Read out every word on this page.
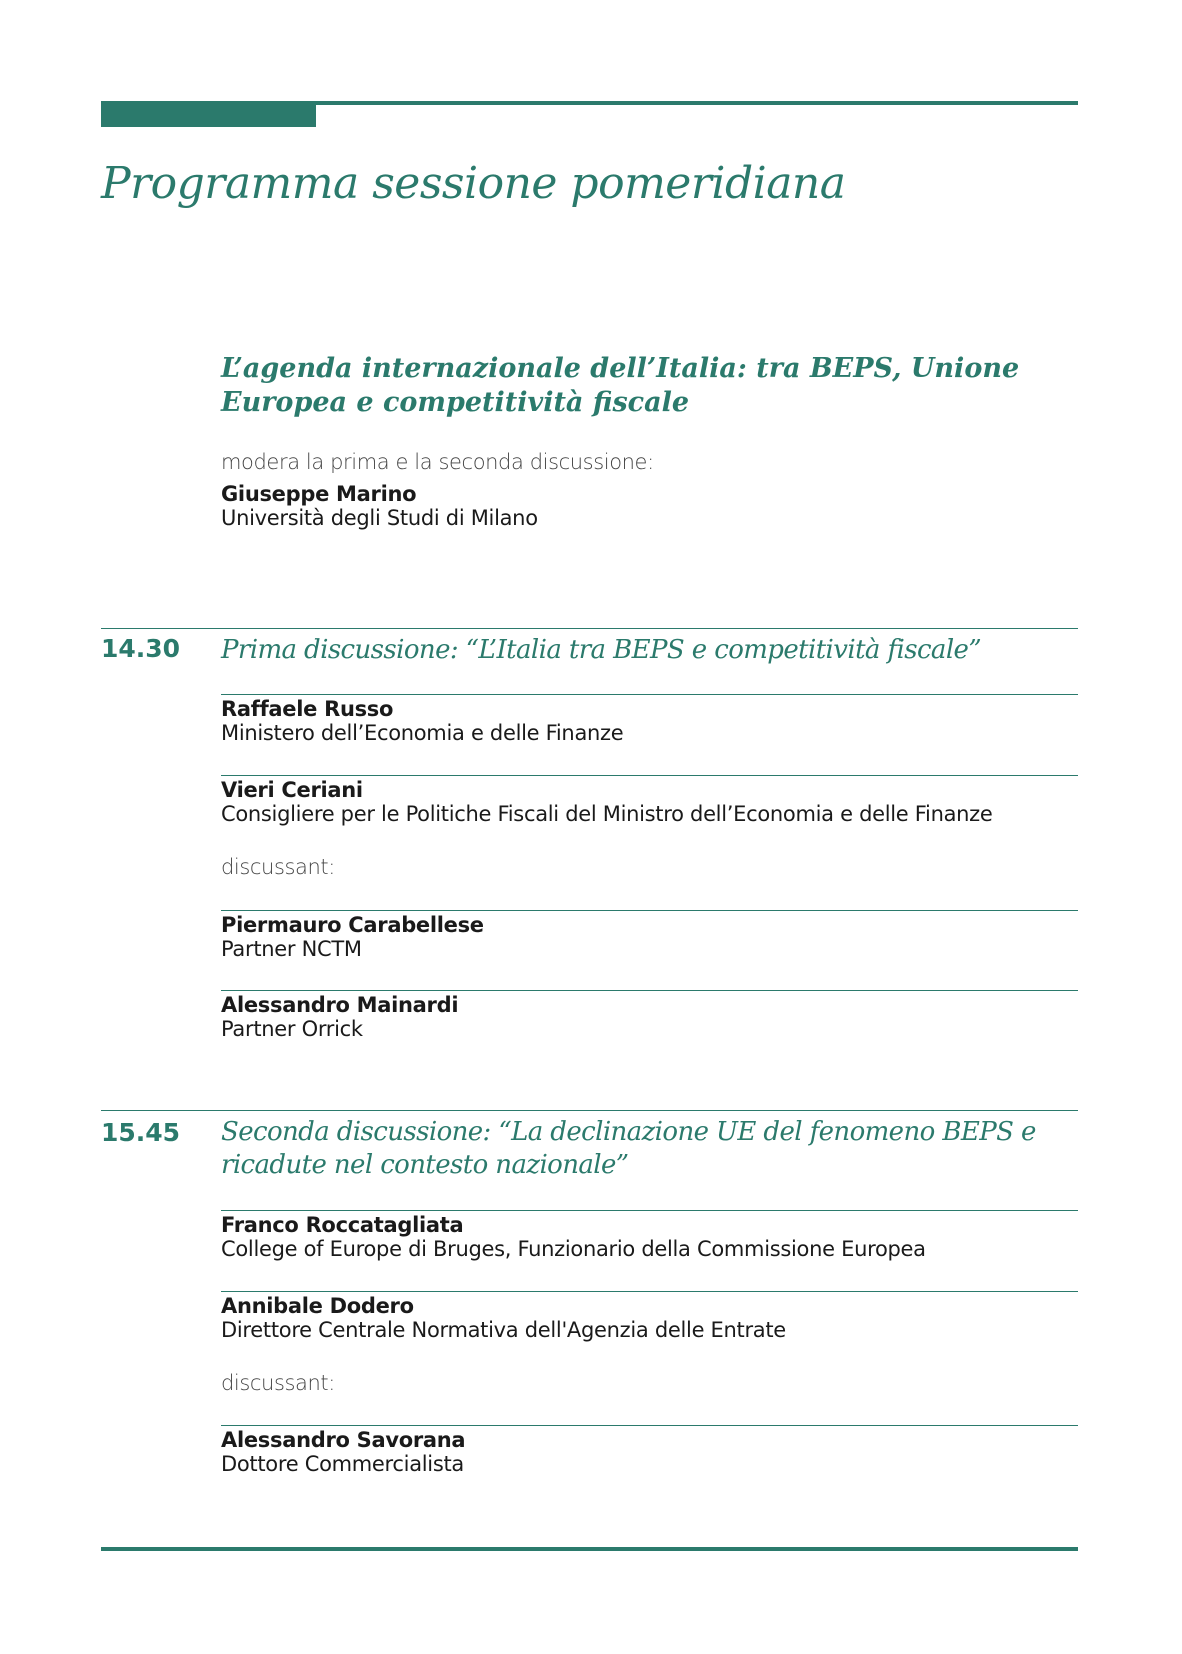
Programma sessione pomeridiana
L’agenda internazionale dell’Italia: tra BEPS, Unione
Europea e competitività fiscale
modera la prima e la seconda discussione:
Giuseppe Marino
Università degli Studi di Milano
14.30 Prima discussione: “L’Italia tra BEPS e competitività fiscale”
Raffaele Russo
Ministero dell’Economia e delle Finanze
Vieri Ceriani
Consigliere per le Politiche Fiscali del Ministro dell’Economia e delle Finanze
discussant:
Piermauro Carabellese
Partner NCTM
Alessandro Mainardi
Partner Orrick
15.45 Seconda discussione: “La declinazione UE del fenomeno BEPS e
ricadute nel contesto nazionale”
Franco Roccatagliata
College of Europe di Bruges, Funzionario della Commissione Europea
Annibale Dodero
Direttore Centrale Normativa dell'Agenzia delle Entrate
discussant:
Alessandro Savorana
Dottore Commercialista
